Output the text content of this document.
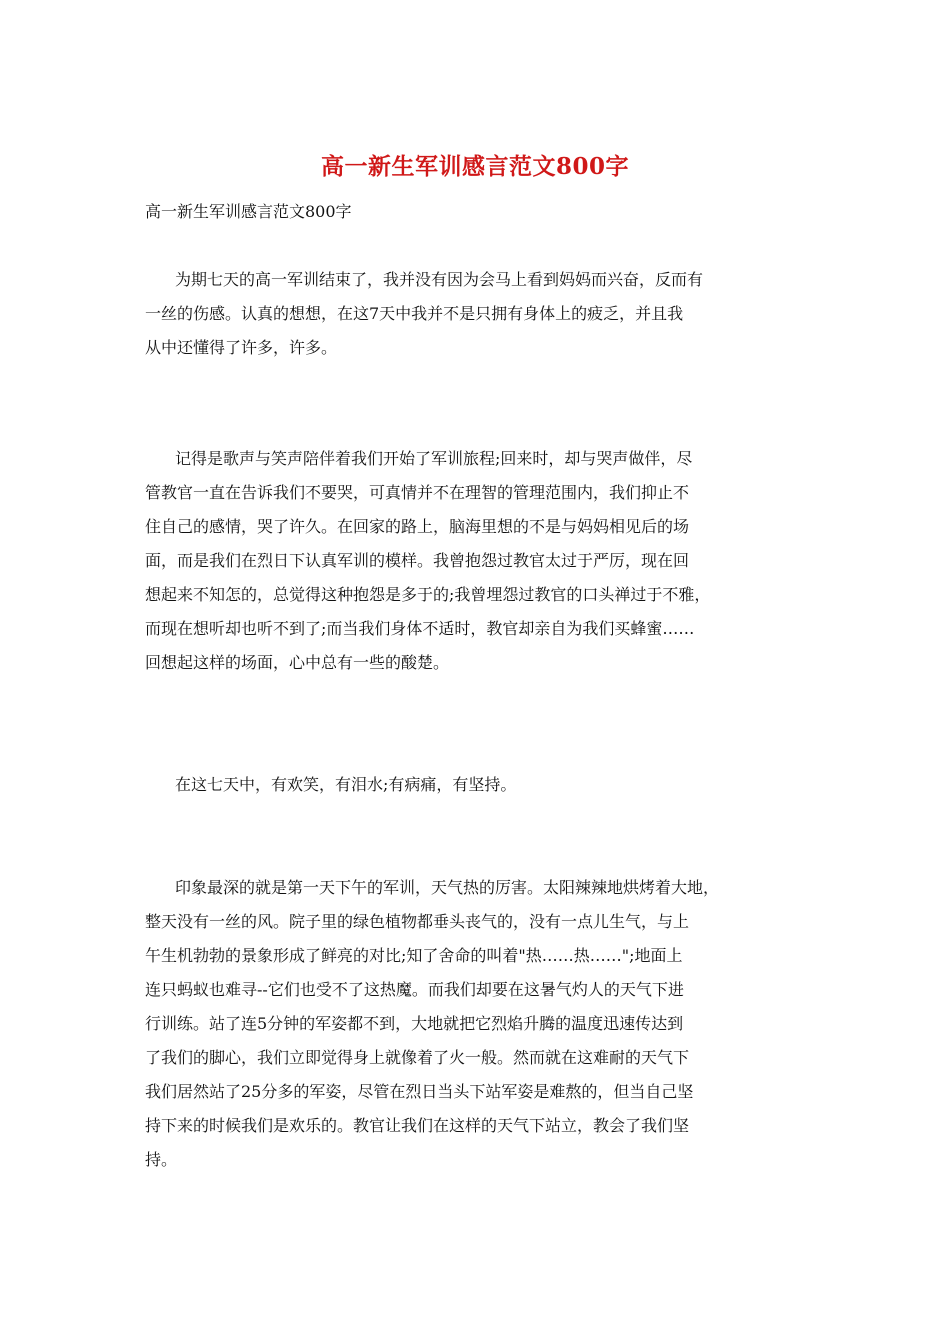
高一新生军训感言范文800字
高一新生军训感言范文800字
为期七天的高一军训结束了，我并没有因为会马上看到妈妈而兴奋，反而有
一丝的伤感。认真的想想，在这7天中我并不是只拥有身体上的疲乏，并且我
从中还懂得了许多，许多。
记得是歌声与笑声陪伴着我们开始了军训旅程;回来时，却与哭声做伴，尽
管教官一直在告诉我们不要哭，可真情并不在理智的管理范围内，我们抑止不
住自己的感情，哭了许久。在回家的路上，脑海里想的不是与妈妈相见后的场
面，而是我们在烈日下认真军训的模样。我曾抱怨过教官太过于严厉，现在回
想起来不知怎的，总觉得这种抱怨是多于的;我曾埋怨过教官的口头禅过于不雅，
而现在想听却也听不到了;而当我们身体不适时，教官却亲自为我们买蜂蜜……
回想起这样的场面，心中总有一些的酸楚。
在这七天中，有欢笑，有泪水;有病痛，有坚持。
印象最深的就是第一天下午的军训，天气热的厉害。太阳辣辣地烘烤着大地，
整天没有一丝的风。院子里的绿色植物都垂头丧气的，没有一点儿生气，与上
午生机勃勃的景象形成了鲜亮的对比;知了舍命的叫着"热……热……";地面上
连只蚂蚁也难寻--它们也受不了这热魔。而我们却要在这暑气灼人的天气下进
行训练。站了连5分钟的军姿都不到，大地就把它烈焰升腾的温度迅速传达到
了我们的脚心，我们立即觉得身上就像着了火一般。然而就在这难耐的天气下
我们居然站了25分多的军姿，尽管在烈日当头下站军姿是难熬的，但当自己坚
持下来的时候我们是欢乐的。教官让我们在这样的天气下站立，教会了我们坚
持。
